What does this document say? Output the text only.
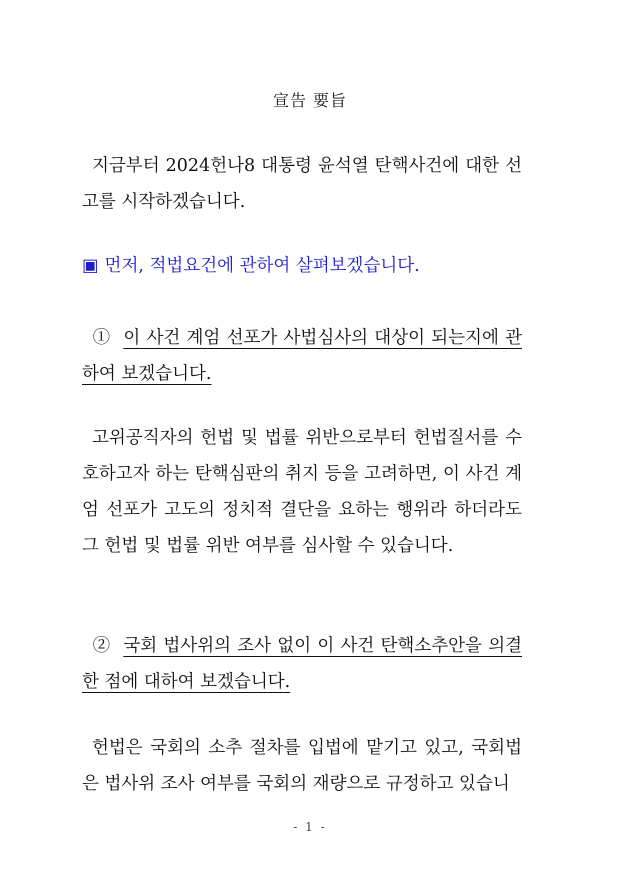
宣告 要旨

지금부터 2024헌나8 대통령 윤석열 탄핵사건에 대한 선고를 시작하겠습니다.

▣ 먼저, 적법요건에 관하여 살펴보겠습니다.

① 이 사건 계엄 선포가 사법심사의 대상이 되는지에 관하여 보겠습니다.

고위공직자의 헌법 및 법률 위반으로부터 헌법질서를 수호하고자 하는 탄핵심판의 취지 등을 고려하면, 이 사건 계엄 선포가 고도의 정치적 결단을 요하는 행위라 하더라도 그 헌법 및 법률 위반 여부를 심사할 수 있습니다.

② 국회 법사위의 조사 없이 이 사건 탄핵소추안을 의결한 점에 대하여 보겠습니다.

헌법은 국회의 소추 절차를 입법에 맡기고 있고, 국회법은 법사위 조사 여부를 국회의 재량으로 규정하고 있습니

- 1 -
